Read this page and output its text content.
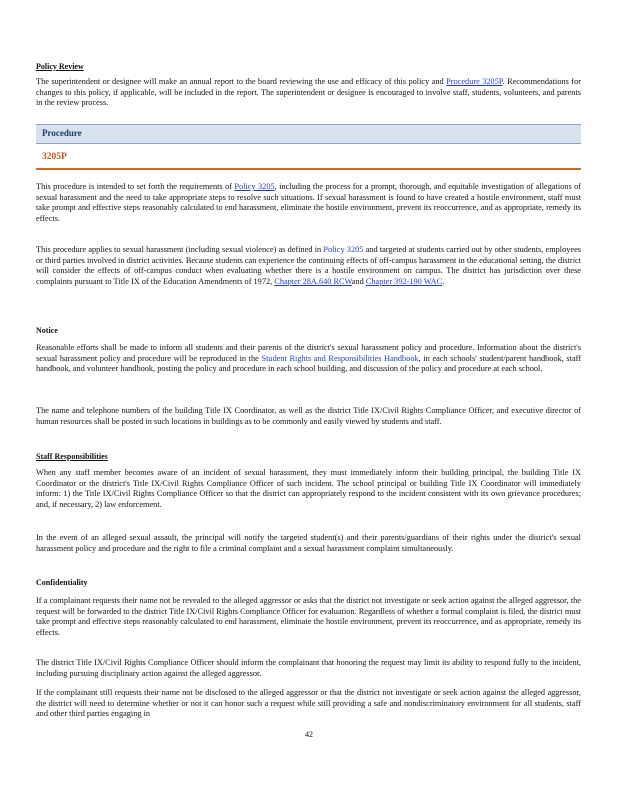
Policy Review
The superintendent or designee will make an annual report to the board reviewing the use and efficacy of this policy and Procedure 3205P. Recommendations for changes to this policy, if applicable, will be included in the report. The superintendent or designee is encouraged to involve staff, students, volunteers, and parents in the review process.
Procedure
3205P
This procedure is intended to set forth the requirements of Policy 3205, including the process for a prompt, thorough, and equitable investigation of allegations of sexual harassment and the need to take appropriate steps to resolve such situations. If sexual harassment is found to have created a hostile environment, staff must take prompt and effective steps reasonably calculated to end harassment, eliminate the hostile environment, prevent its reoccurrence, and as appropriate, remedy its effects.
This procedure applies to sexual harassment (including sexual violence) as defined in Policy 3205 and targeted at students carried out by other students, employees or third parties involved in district activities. Because students can experience the continuing effects of off-campus harassment in the educational setting, the district will consider the effects of off-campus conduct when evaluating whether there is a hostile environment on campus. The district has jurisdiction over these complaints pursuant to Title IX of the Education Amendments of 1972, Chapter 28A.640 RCWand Chapter 392-190 WAC.
Notice
Reasonable efforts shall be made to inform all students and their parents of the district's sexual harassment policy and procedure. Information about the district's sexual harassment policy and procedure will be reproduced in the Student Rights and Responsibilities Handbook, in each schools' student/parent handbook, staff handbook, and volunteer handbook, posting the policy and procedure in each school building, and discussion of the policy and procedure at each school.
The name and telephone numbers of the building Title IX Coordinator, as well as the district Title IX/Civil Rights Compliance Officer, and executive director of human resources shall be posted in such locations in buildings as to be commonly and easily viewed by students and staff.
Staff Responsibilities
When any staff member becomes aware of an incident of sexual harassment, they must immediately inform their building principal, the building Title IX Coordinator or the district's Title IX/Civil Rights Compliance Officer of such incident. The school principal or building Title IX Coordinator will immediately inform: 1) the Title IX/Civil Rights Compliance Officer so that the district can appropriately respond to the incident consistent with its own grievance procedures; and, if necessary, 2) law enforcement.
In the event of an alleged sexual assault, the principal will notify the targeted student(s) and their parents/guardians of their rights under the district's sexual harassment policy and procedure and the right to file a criminal complaint and a sexual harassment complaint simultaneously.
Confidentiality
If a complainant requests their name not be revealed to the alleged aggressor or asks that the district not investigate or seek action against the alleged aggressor, the request will be forwarded to the district Title IX/Civil Rights Compliance Officer for evaluation. Regardless of whether a formal complaint is filed, the district must take prompt and effective steps reasonably calculated to end harassment, eliminate the hostile environment, prevent its reoccurrence, and as appropriate, remedy its effects.
The district Title IX/Civil Rights Compliance Officer should inform the complainant that honoring the request may limit its ability to respond fully to the incident, including pursuing disciplinary action against the alleged aggressor.
If the complainant still requests their name not be disclosed to the alleged aggressor or that the district not investigate or seek action against the alleged aggressor, the district will need to determine whether or not it can honor such a request while still providing a safe and nondiscriminatory environment for all students, staff and other third parties engaging in
42
